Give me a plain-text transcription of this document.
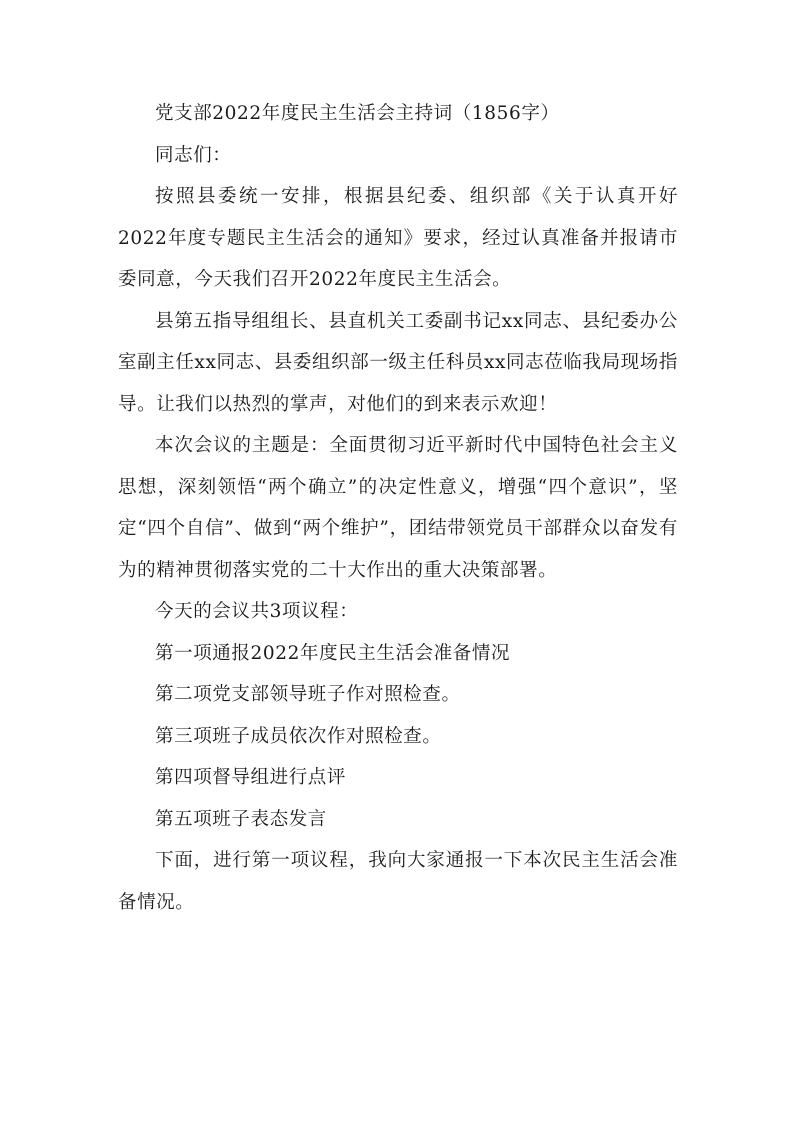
党支部2022年度民主生活会主持词（1856字）

同志们：

按照县委统一安排，根据县纪委、组织部《关于认真开好2022年度专题民主生活会的通知》要求，经过认真准备并报请市委同意，今天我们召开2022年度民主生活会。

县第五指导组组长、县直机关工委副书记xx同志、县纪委办公室副主任xx同志、县委组织部一级主任科员xx同志莅临我局现场指导。让我们以热烈的掌声，对他们的到来表示欢迎！

本次会议的主题是：全面贯彻习近平新时代中国特色社会主义思想，深刻领悟“两个确立”的决定性意义，增强“四个意识”，坚定“四个自信”、做到“两个维护”，团结带领党员干部群众以奋发有为的精神贯彻落实党的二十大作出的重大决策部署。

今天的会议共3项议程：

第一项通报2022年度民主生活会准备情况

第二项党支部领导班子作对照检查。

第三项班子成员依次作对照检查。

第四项督导组进行点评

第五项班子表态发言

下面，进行第一项议程，我向大家通报一下本次民主生活会准备情况。
